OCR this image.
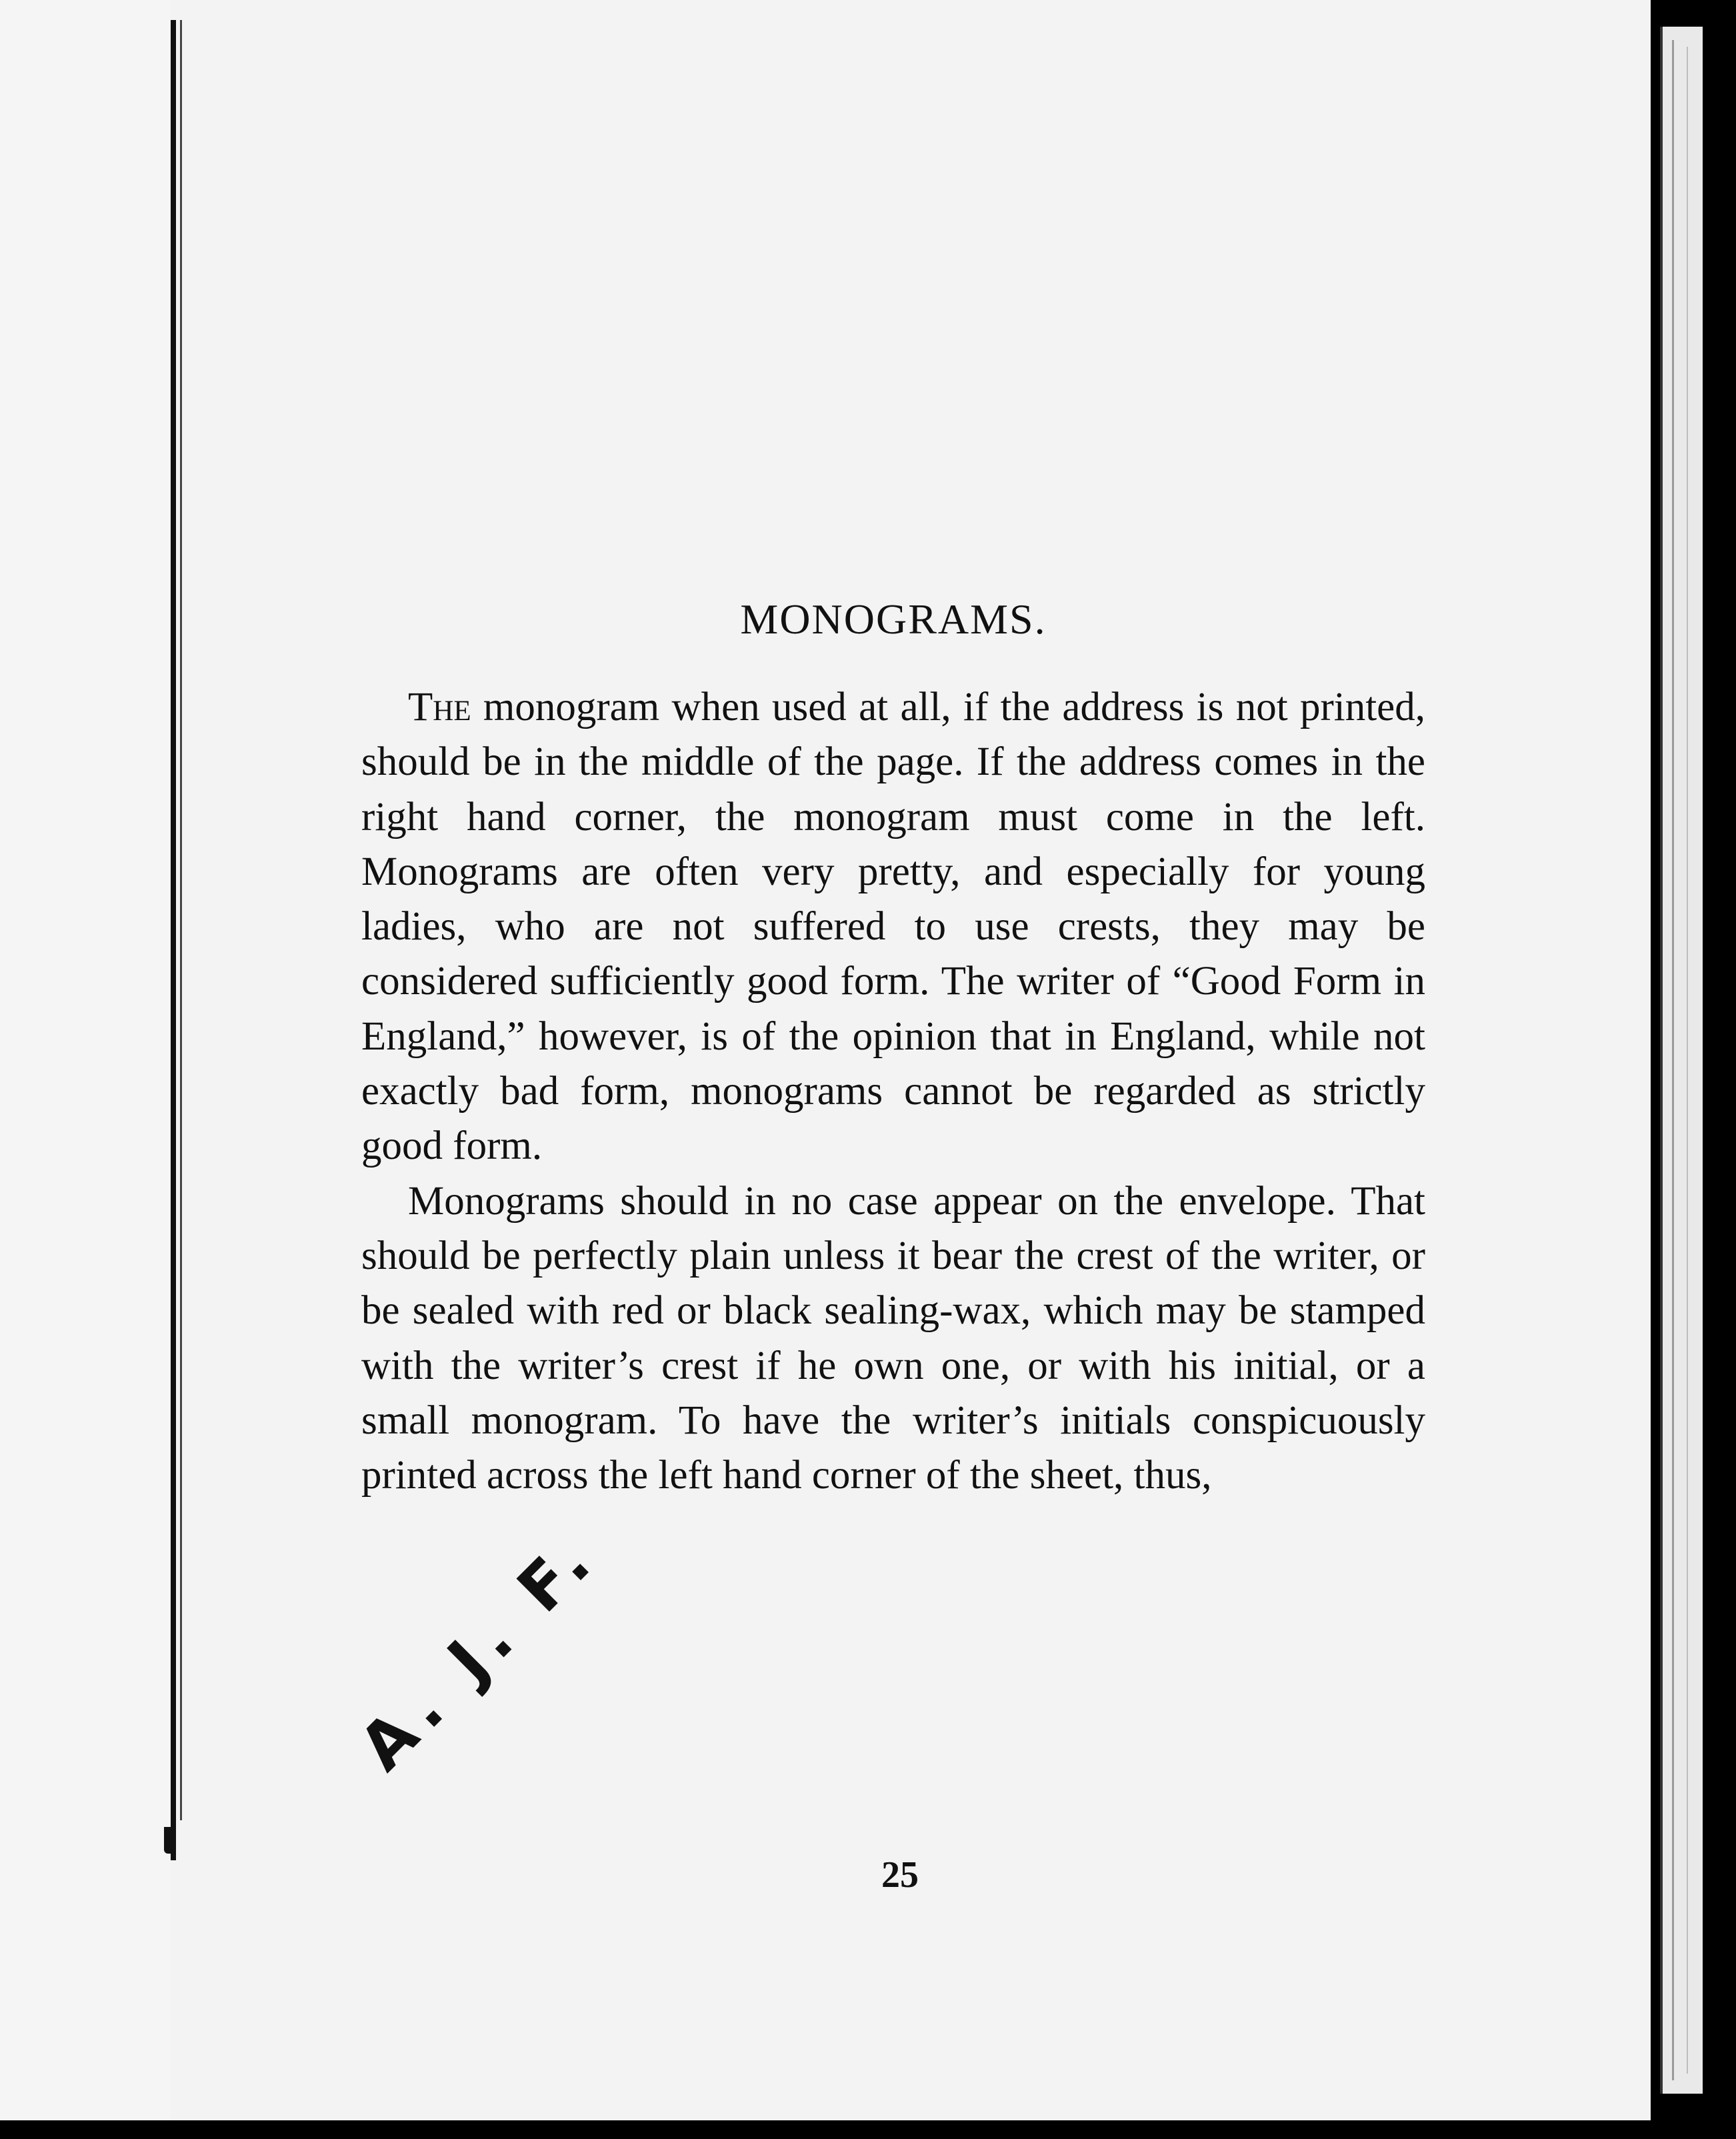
MONOGRAMS.

The monogram when used at all, if the address is not printed, should be in the middle of the page. If the address comes in the right hand corner, the monogram must come in the left. Monograms are often very pretty, and especially for young ladies, who are not suffered to use crests, they may be considered sufficiently good form. The writer of “Good Form in England,” however, is of the opinion that in England, while not exactly bad form, monograms cannot be regarded as strictly good form.

Monograms should in no case appear on the envelope. That should be perfectly plain unless it bear the crest of the writer, or be sealed with red or black sealing-wax, which may be stamped with the writer’s crest if he own one, or with his initial, or a small monogram. To have the writer’s initials conspicuously printed across the left hand corner of the sheet, thus,

A. J. F.
25
